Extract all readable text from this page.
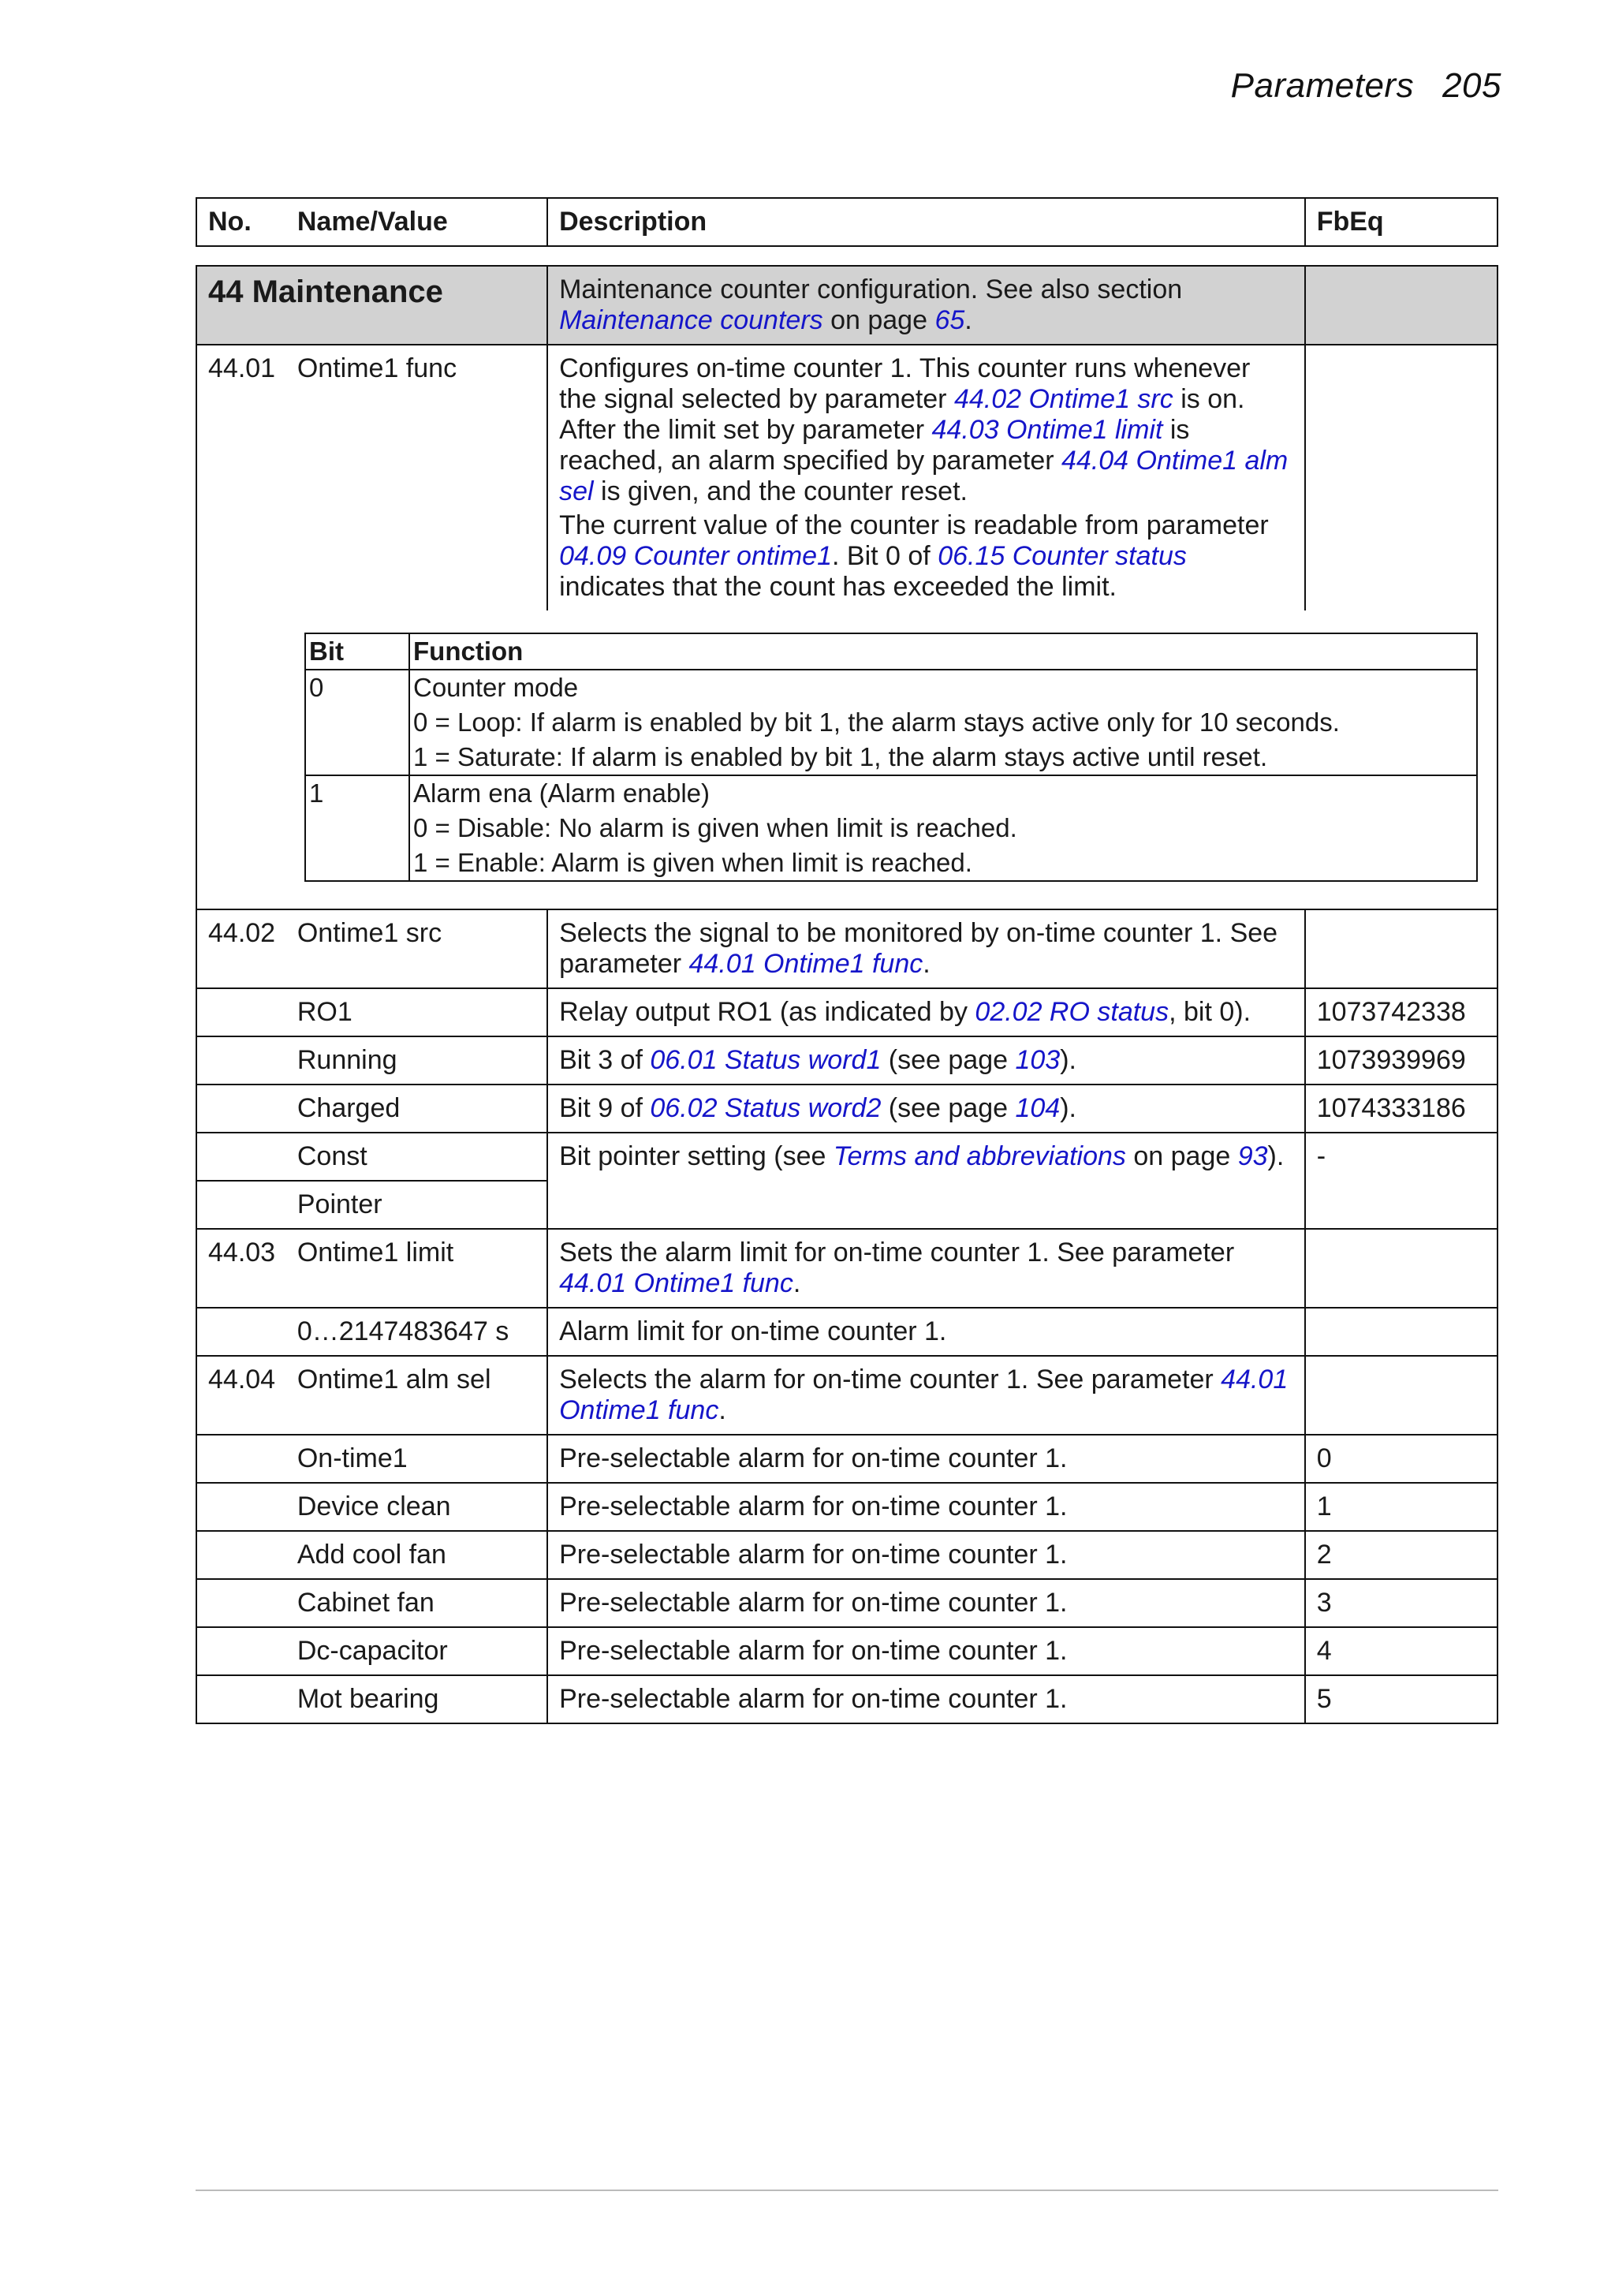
Parameters 205
No.	Name/Value	Description	FbEq
44 Maintenance	Maintenance counter configuration. See also section Maintenance counters on page 65.	
44.01	Ontime1 func	Configures on-time counter 1. This counter runs whenever the signal selected by parameter 44.02 Ontime1 src is on. After the limit set by parameter 44.03 Ontime1 limit is reached, an alarm specified by parameter 44.04 Ontime1 alm sel is given, and the counter reset.

The current value of the counter is readable from parameter 04.09 Counter ontime1. Bit 0 of 06.15 Counter status indicates that the count has exceeded the limit.

Bit	Function
0	Counter mode
0 = Loop: If alarm is enabled by bit 1, the alarm stays active only for 10 seconds.
1 = Saturate: If alarm is enabled by bit 1, the alarm stays active until reset.

1	Alarm ena (Alarm enable)
0 = Disable: No alarm is given when limit is reached.
1 = Enable: Alarm is given when limit is reached.

44.02	Ontime1 src	Selects the signal to be monitored by on-time counter 1. See parameter 44.01 Ontime1 func.	
	RO1	Relay output RO1 (as indicated by 02.02 RO status, bit 0).	1073742338
	Running	Bit 3 of 06.01 Status word1 (see page 103).	1073939969
	Charged	Bit 9 of 06.02 Status word2 (see page 104).	1074333186
	Const	Bit pointer setting (see Terms and abbreviations on page 93).	-
	Pointer
44.03	Ontime1 limit	Sets the alarm limit for on-time counter 1. See parameter 44.01 Ontime1 func.	
	0…2147483647 s	Alarm limit for on-time counter 1.	
44.04	Ontime1 alm sel	Selects the alarm for on-time counter 1. See parameter 44.01 Ontime1 func.	
	On-time1	Pre-selectable alarm for on-time counter 1.	0
	Device clean	Pre-selectable alarm for on-time counter 1.	1
	Add cool fan	Pre-selectable alarm for on-time counter 1.	2
	Cabinet fan	Pre-selectable alarm for on-time counter 1.	3
	Dc-capacitor	Pre-selectable alarm for on-time counter 1.	4
	Mot bearing	Pre-selectable alarm for on-time counter 1.	5
